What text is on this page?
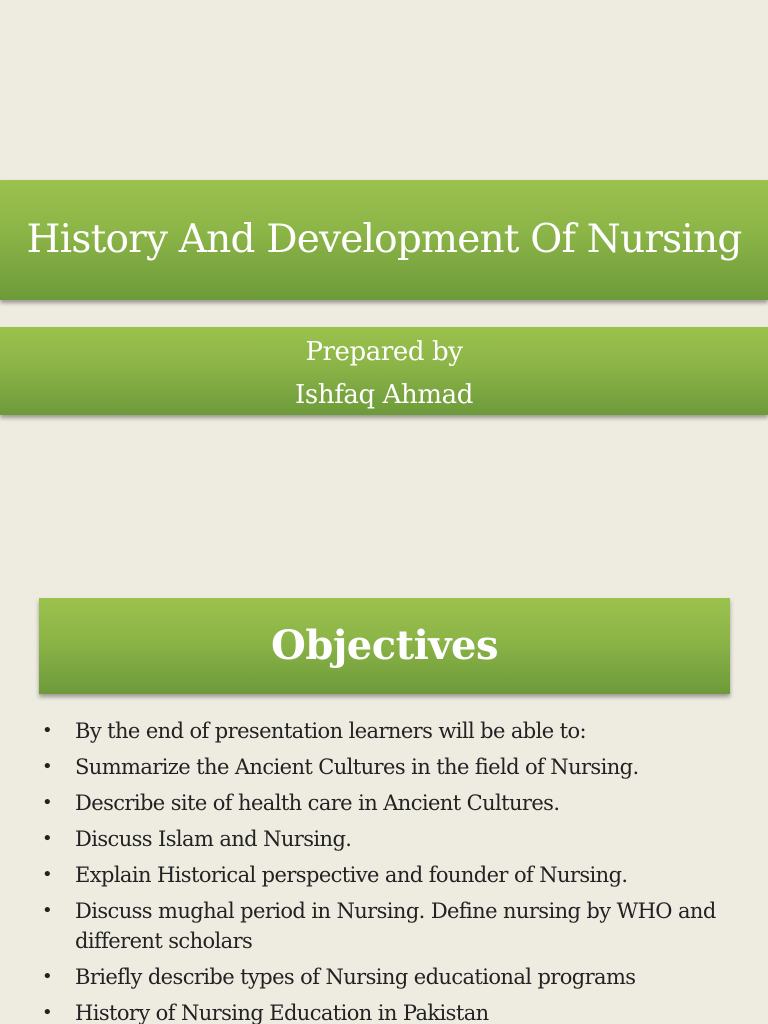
History And Development Of Nursing
Prepared by
Ishfaq Ahmad
Objectives
• By the end of presentation learners will be able to:
• Summarize the Ancient Cultures in the field of Nursing.
• Describe site of health care in Ancient Cultures.
• Discuss Islam and Nursing.
• Explain Historical perspective and founder of Nursing.
• Discuss mughal period in Nursing. Define nursing by WHO and different scholars
• Briefly describe types of Nursing educational programs
• History of Nursing Education in Pakistan
